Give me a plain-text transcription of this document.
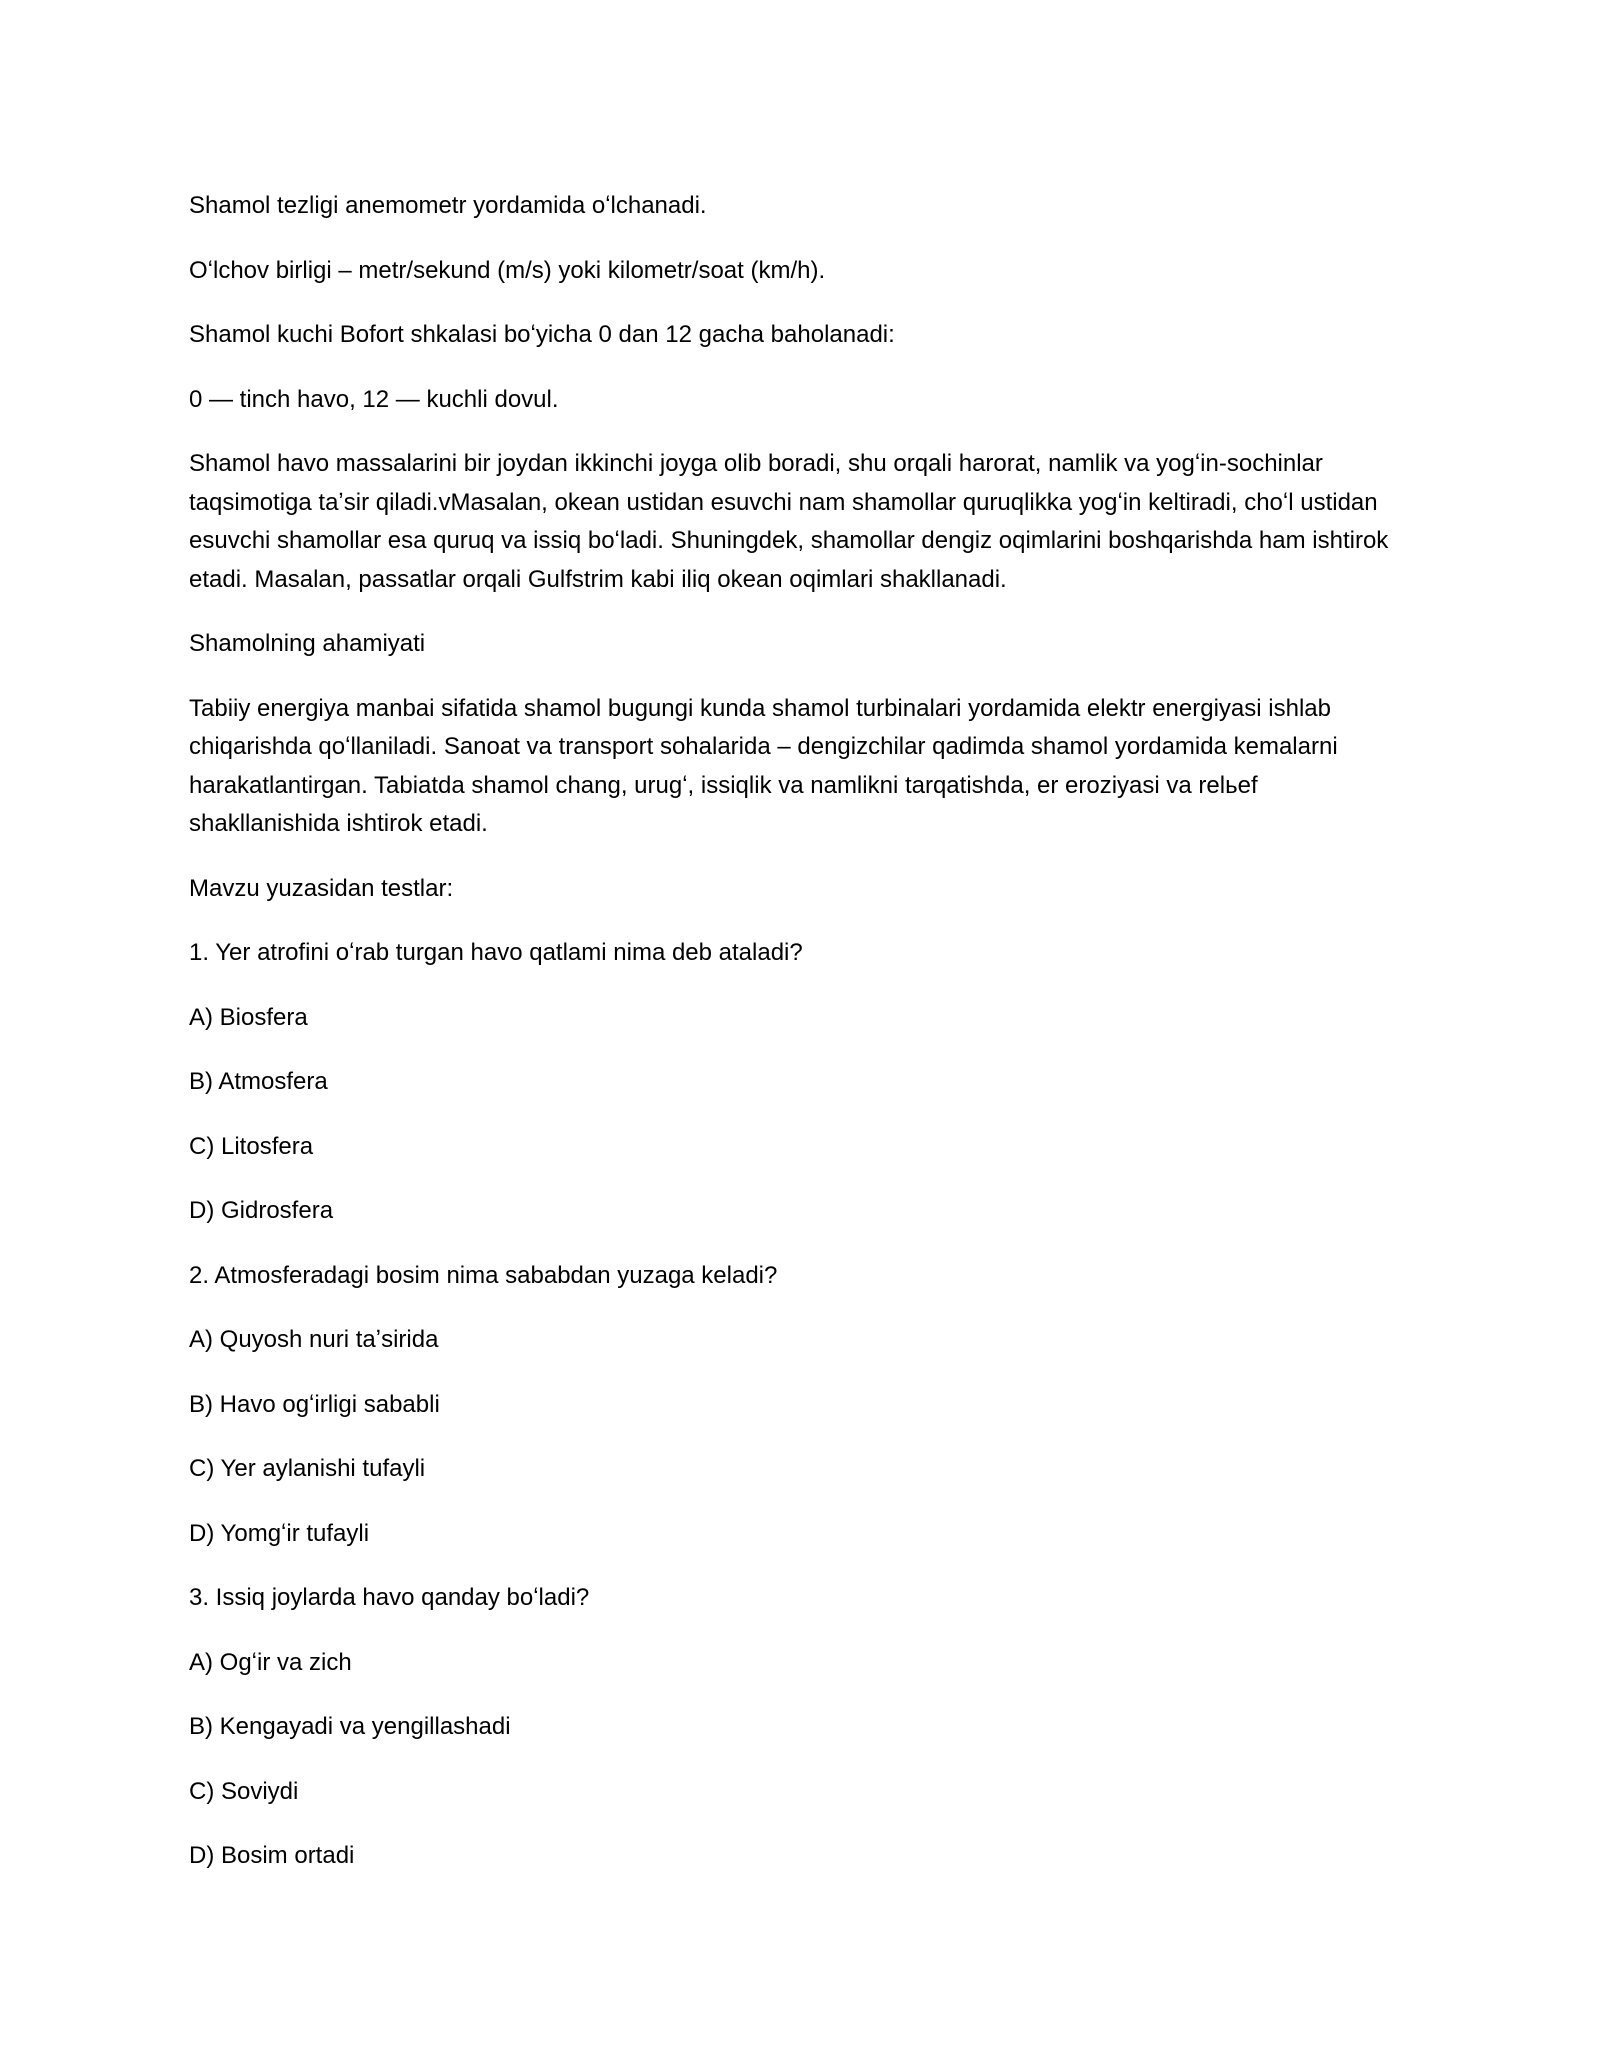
Shamol tezligi anemometr yordamida oʻlchanadi.

Oʻlchov birligi – metr/sekund (m/s) yoki kilometr/soat (km/h).

Shamol kuchi Bofort shkalasi boʻyicha 0 dan 12 gacha baholanadi:

0 — tinch havo, 12 — kuchli dovul.

Shamol havo massalarini bir joydan ikkinchi joyga olib boradi, shu orqali harorat, namlik va yogʻin-sochinlar taqsimotiga taʼsir qiladi.vMasalan, okean ustidan esuvchi nam shamollar quruqlikka yogʻin keltiradi, choʻl ustidan esuvchi shamollar esa quruq va issiq boʻladi. Shuningdek, shamollar dengiz oqimlarini boshqarishda ham ishtirok etadi. Masalan, passatlar orqali Gulfstrim kabi iliq okean oqimlari shakllanadi.

Shamolning ahamiyati

Tabiiy energiya manbai sifatida shamol bugungi kunda shamol turbinalari yordamida elektr energiyasi ishlab chiqarishda qoʻllaniladi. Sanoat va transport sohalarida – dengizchilar qadimda shamol yordamida kemalarni harakatlantirgan. Tabiatda shamol chang, urugʻ, issiqlik va namlikni tarqatishda, er eroziyasi va relьef shakllanishida ishtirok etadi.

Mavzu yuzasidan testlar:

1. Yer atrofini oʻrab turgan havo qatlami nima deb ataladi?

A) Biosfera

B) Atmosfera

C) Litosfera

D) Gidrosfera

2. Atmosferadagi bosim nima sababdan yuzaga keladi?

A) Quyosh nuri taʼsirida

B) Havo ogʻirligi sababli

C) Yer aylanishi tufayli

D) Yomgʻir tufayli

3. Issiq joylarda havo qanday boʻladi?

A) Ogʻir va zich

B) Kengayadi va yengillashadi

C) Soviydi

D) Bosim ortadi
